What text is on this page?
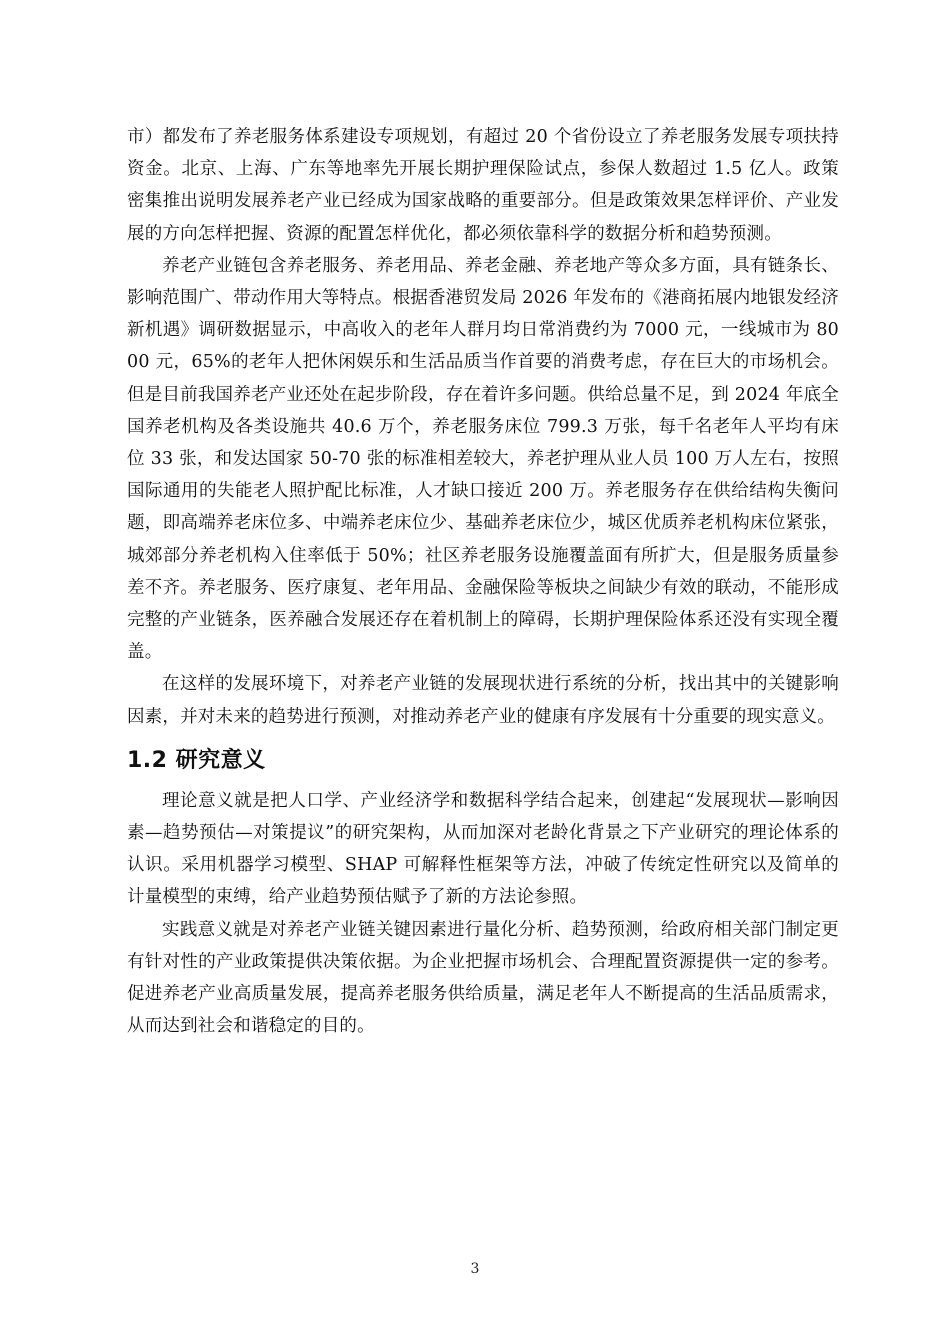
市）都发布了养老服务体系建设专项规划，有超过 20 个省份设立了养老服务发展专项扶持资金。北京、上海、广东等地率先开展长期护理保险试点，参保人数超过 1.5 亿人。政策密集推出说明发展养老产业已经成为国家战略的重要部分。但是政策效果怎样评价、产业发展的方向怎样把握、资源的配置怎样优化，都必须依靠科学的数据分析和趋势预测。

养老产业链包含养老服务、养老用品、养老金融、养老地产等众多方面，具有链条长、影响范围广、带动作用大等特点。根据香港贸发局 2026 年发布的《港商拓展内地银发经济新机遇》调研数据显示，中高收入的老年人群月均日常消费约为 7000 元，一线城市为 8000 元，65%的老年人把休闲娱乐和生活品质当作首要的消费考虑，存在巨大的市场机会。但是目前我国养老产业还处在起步阶段，存在着许多问题。供给总量不足，到 2024 年底全国养老机构及各类设施共 40.6 万个，养老服务床位 799.3 万张，每千名老年人平均有床位 33 张，和发达国家 50-70 张的标准相差较大，养老护理从业人员 100 万人左右，按照国际通用的失能老人照护配比标准，人才缺口接近 200 万。养老服务存在供给结构失衡问题，即高端养老床位多、中端养老床位少、基础养老床位少，城区优质养老机构床位紧张，城郊部分养老机构入住率低于 50%；社区养老服务设施覆盖面有所扩大，但是服务质量参差不齐。养老服务、医疗康复、老年用品、金融保险等板块之间缺少有效的联动，不能形成完整的产业链条，医养融合发展还存在着机制上的障碍，长期护理保险体系还没有实现全覆盖。

在这样的发展环境下，对养老产业链的发展现状进行系统的分析，找出其中的关键影响因素，并对未来的趋势进行预测，对推动养老产业的健康有序发展有十分重要的现实意义。

1.2 研究意义

理论意义就是把人口学、产业经济学和数据科学结合起来，创建起“发展现状—影响因素—趋势预估—对策提议”的研究架构，从而加深对老龄化背景之下产业研究的理论体系的认识。采用机器学习模型、SHAP 可解释性框架等方法，冲破了传统定性研究以及简单的计量模型的束缚，给产业趋势预估赋予了新的方法论参照。

实践意义就是对养老产业链关键因素进行量化分析、趋势预测，给政府相关部门制定更有针对性的产业政策提供决策依据。为企业把握市场机会、合理配置资源提供一定的参考。促进养老产业高质量发展，提高养老服务供给质量，满足老年人不断提高的生活品质需求，从而达到社会和谐稳定的目的。

3
